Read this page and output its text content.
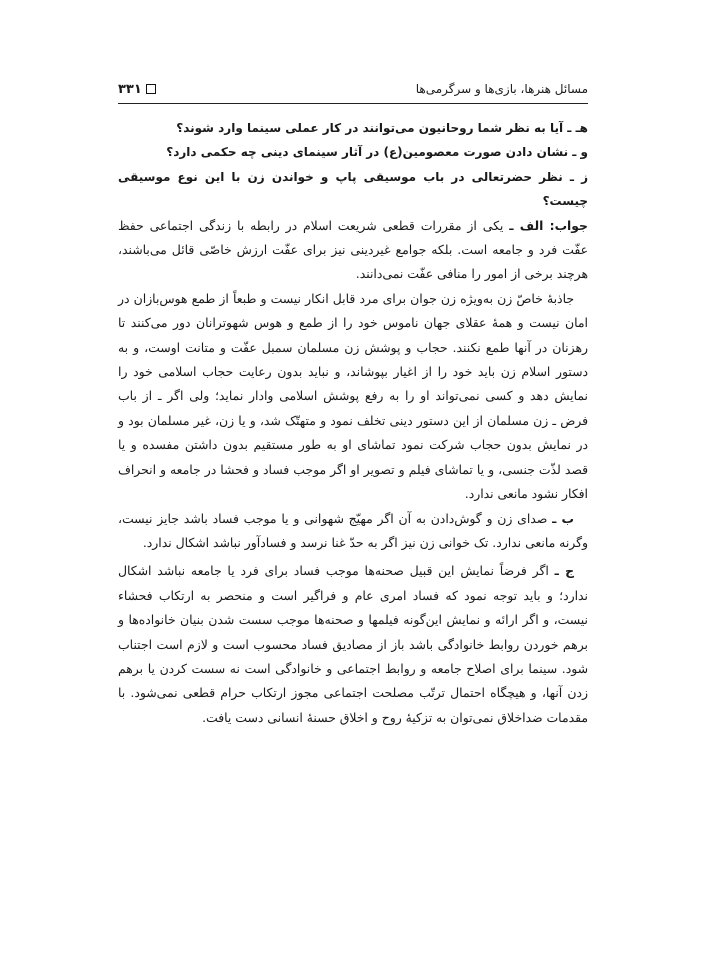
مسائل هنرها، بازی‌ها و سرگرمی‌ها
۳۳۱

هـ ـ آیا به نظر شما روحانیون می‌توانند در کار عملی سینما وارد شوند؟

و ـ نشان دادن صورت معصومین(ع) در آثار سینمای دینی چه حکمی دارد؟

ز ـ نظر حضرتعالی در باب موسیقی پاپ و خواندن زن با این نوع موسیقی چیست؟

جواب: الف ـ یکی از مقررات قطعی شریعت اسلام در رابطه با زندگی اجتماعی حفظ عفّت فرد و جامعه است. بلکه جوامع غیردینی نیز برای عفّت ارزش خاصّی قائل می‌باشند، هرچند برخی از امور را منافی عفّت نمی‌دانند.

جاذبهٔ خاصّ زن به‌ویژه زن جوان برای مرد قابل انکار نیست و طبعاً از طمع هوس‌بازان در امان نیست و همهٔ عقلای جهان ناموس خود را از طمع و هوس شهوترانان دور می‌کنند تا رهزنان در آنها طمع نکنند. حجاب و پوشش زن مسلمان سمبل عفّت و متانت اوست، و به دستور اسلام زن باید خود را از اغیار بپوشاند، و نباید بدون رعایت حجاب اسلامی خود را نمایش دهد و کسی نمی‌تواند او را به رفع پوشش اسلامی وادار نماید؛ ولی اگر ـ از باب فرض ـ زن مسلمان از این دستور دینی تخلف نمود و متهتّک شد، و یا زن، غیر مسلمان بود و در نمایش بدون حجاب شرکت نمود تماشای او به طور مستقیم بدون داشتن مفسده و یا قصد لذّت جنسی، و یا تماشای فیلم و تصویر او اگر موجب فساد و فحشا در جامعه و انحراف افکار نشود مانعی ندارد.

ب ـ صدای زن و گوش‌دادن به آن اگر مهیّج شهوانی و یا موجب فساد باشد جایز نیست، وگرنه مانعی ندارد. تک خوانی زن نیز اگر به حدّ غنا نرسد و فسادآور نباشد اشکال ندارد.

ج ـ اگر فرضاً نمایش این قبیل صحنه‌ها موجب فساد برای فرد یا جامعه نباشد اشکال ندارد؛ و باید توجه نمود که فساد امری عام و فراگیر است و منحصر به ارتکاب فحشاء نیست، و اگر ارائه و نمایش این‌گونه فیلمها و صحنه‌ها موجب سست شدن بنیان خانواده‌ها و برهم خوردن روابط خانوادگی باشد باز از مصادیق فساد محسوب است و لازم است اجتناب شود. سینما برای اصلاح جامعه و روابط اجتماعی و خانوادگی است نه سست کردن یا برهم زدن آنها، و هیچگاه احتمال ترتّب مصلحت اجتماعی مجوز ارتکاب حرام قطعی نمی‌شود. با مقدمات ضداخلاق نمی‌توان به تزکیهٔ روح و اخلاق حسنهٔ انسانی دست یافت.
